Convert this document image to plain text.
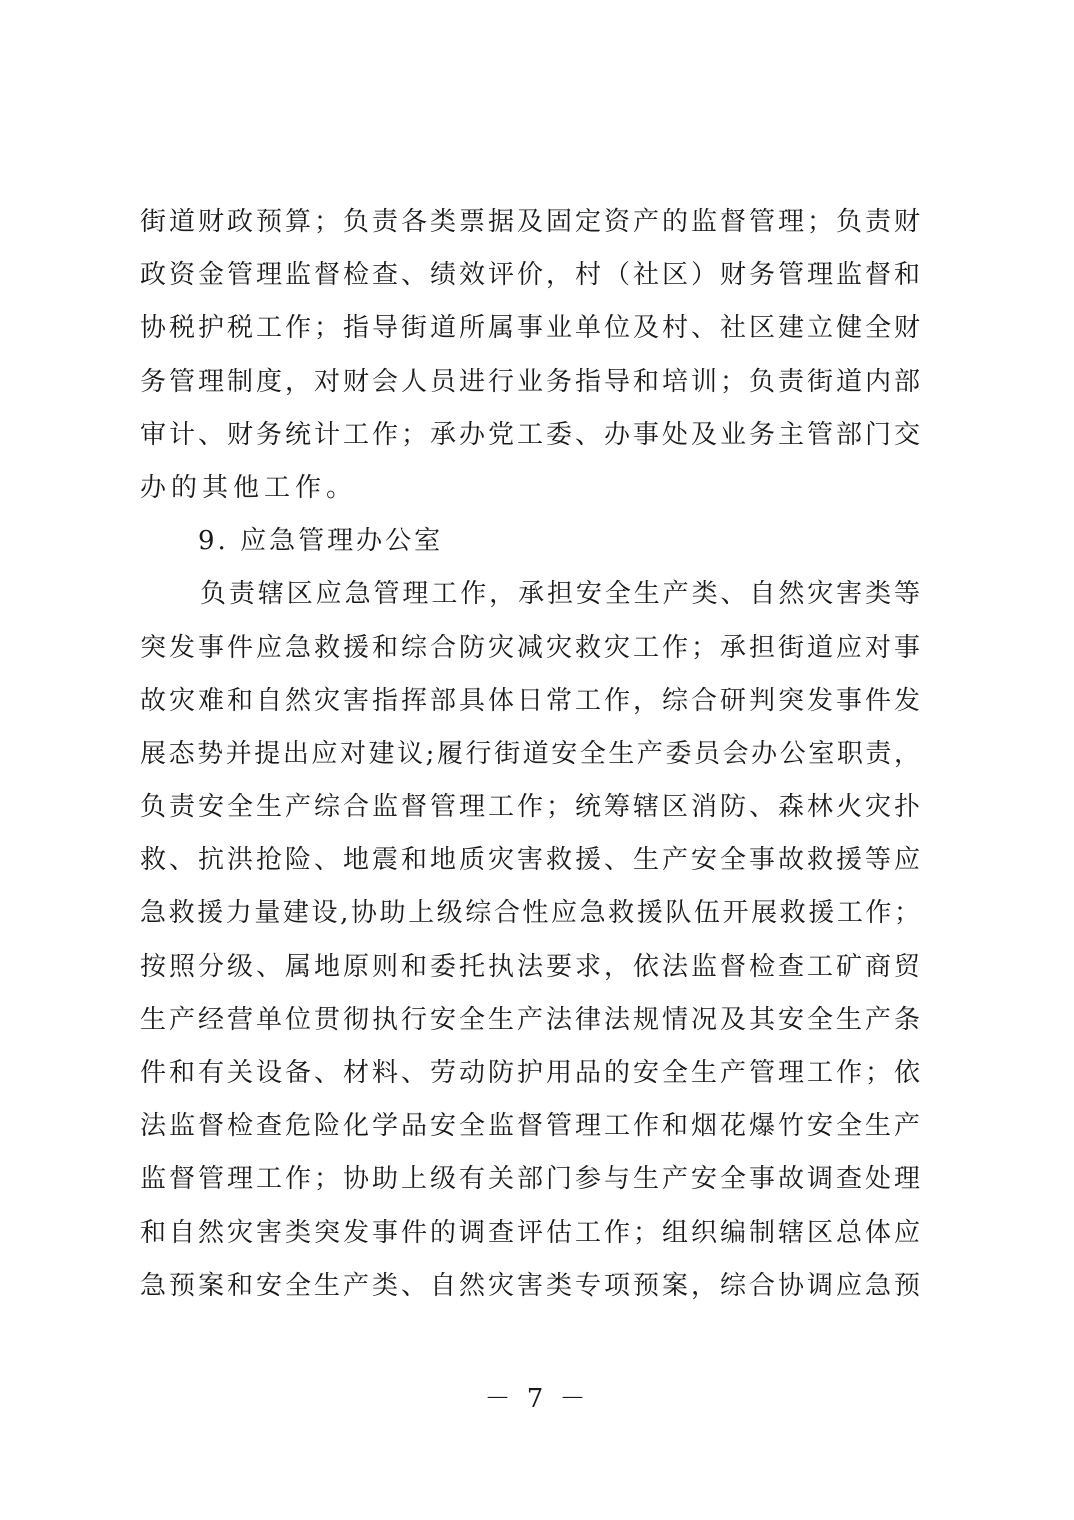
街道财政预算；负责各类票据及固定资产的监督管理；负责财
政资金管理监督检查、绩效评价，村（社区）财务管理监督和
协税护税工作；指导街道所属事业单位及村、社区建立健全财
务管理制度，对财会人员进行业务指导和培训；负责街道内部
审计、财务统计工作；承办党工委、办事处及业务主管部门交
办的其他工作。
9. 应急管理办公室
负责辖区应急管理工作，承担安全生产类、自然灾害类等
突发事件应急救援和综合防灾减灾救灾工作；承担街道应对事
故灾难和自然灾害指挥部具体日常工作，综合研判突发事件发
展态势并提出应对建议;履行街道安全生产委员会办公室职责，
负责安全生产综合监督管理工作；统筹辖区消防、森林火灾扑
救、抗洪抢险、地震和地质灾害救援、生产安全事故救援等应
急救援力量建设,协助上级综合性应急救援队伍开展救援工作；
按照分级、属地原则和委托执法要求，依法监督检查工矿商贸
生产经营单位贯彻执行安全生产法律法规情况及其安全生产条
件和有关设备、材料、劳动防护用品的安全生产管理工作；依
法监督检查危险化学品安全监督管理工作和烟花爆竹安全生产
监督管理工作；协助上级有关部门参与生产安全事故调查处理
和自然灾害类突发事件的调查评估工作；组织编制辖区总体应
急预案和安全生产类、自然灾害类专项预案，综合协调应急预
－ 7 －
